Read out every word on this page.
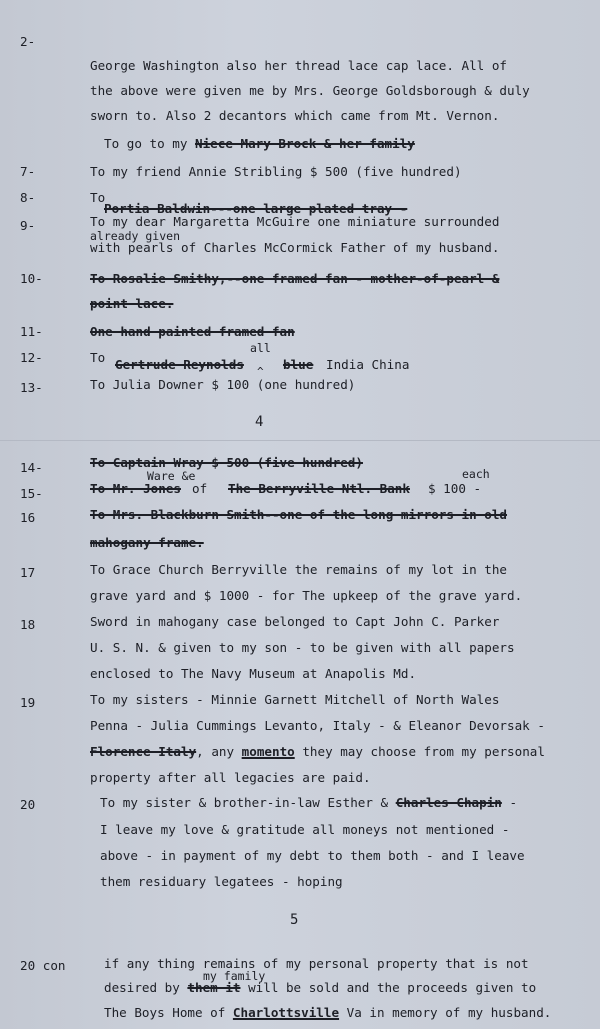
2-
George Washington also her thread lace cap lace. All of
the above were given me by Mrs. George Goldsborough & duly
sworn to. Also 2 decantors which came from Mt. Vernon.
To go to my Niece Mary Brock & her family
7-	To my friend Annie Stribling $ 500 (five hundred)
8-	To
Portia Baldwin---one large plated tray -
9-	To my dear Margaretta McGuire one miniature surrounded
already given
with pearls of Charles McCormick Father of my husband.
10-	To Rosalie Smithy,--one framed fan - mother-of-pearl &
point lace.
11-	One hand painted framed fan
12-	To Gertrude Reynolds
all
^ blue India China
13-	To Julia Downer $ 100 (one hundred)
4
14-	To Captain Wray $ 500 (five hundred)
Ware &e	each
15-	To Mr. Jones of The Berryville Ntl. Bank $ 100 -
16	To Mrs. Blackburn Smith--one of the long mirrors in old
mahogany frame.
17	To Grace Church Berryville the remains of my lot in the
grave yard and $ 1000 - for The upkeep of the grave yard.
18	Sword in mahogany case belonged to Capt John C. Parker
U. S. N. & given to my son - to be given with all papers
enclosed to The Navy Museum at Anapolis Md.
19	To my sisters - Minnie Garnett Mitchell of North Wales
Penna - Julia Cummings Levanto, Italy - & Eleanor Devorsak -
Florence Italy, any momento they may choose from my personal
property after all legacies are paid.
20	To my sister & brother-in-law Esther & Charles Chapin -
I leave my love & gratitude all moneys not mentioned -
above - in payment of my debt to them both - and I leave
them residuary legatees - hoping
5
20 con	if any thing remains of my personal property that is not
my family
desired by them it will be sold and the proceeds given to
The Boys Home of Charlottsville Va in memory of my husband.
